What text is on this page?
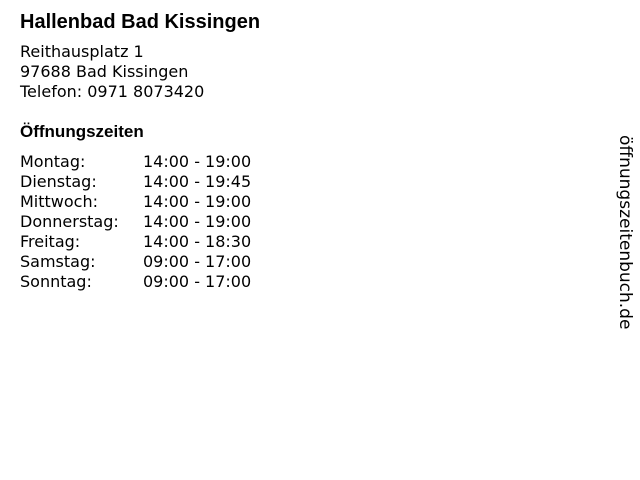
Hallenbad Bad Kissingen
Reithausplatz 1
97688 Bad Kissingen
Telefon: 0971 8073420
Öffnungszeiten
Montag:	14:00 - 19:00
Dienstag:	14:00 - 19:45
Mittwoch:	14:00 - 19:00
Donnerstag:	14:00 - 19:00
Freitag:	14:00 - 18:30
Samstag:	09:00 - 17:00
Sonntag:	09:00 - 17:00	öffnungszeitenbuch.de
